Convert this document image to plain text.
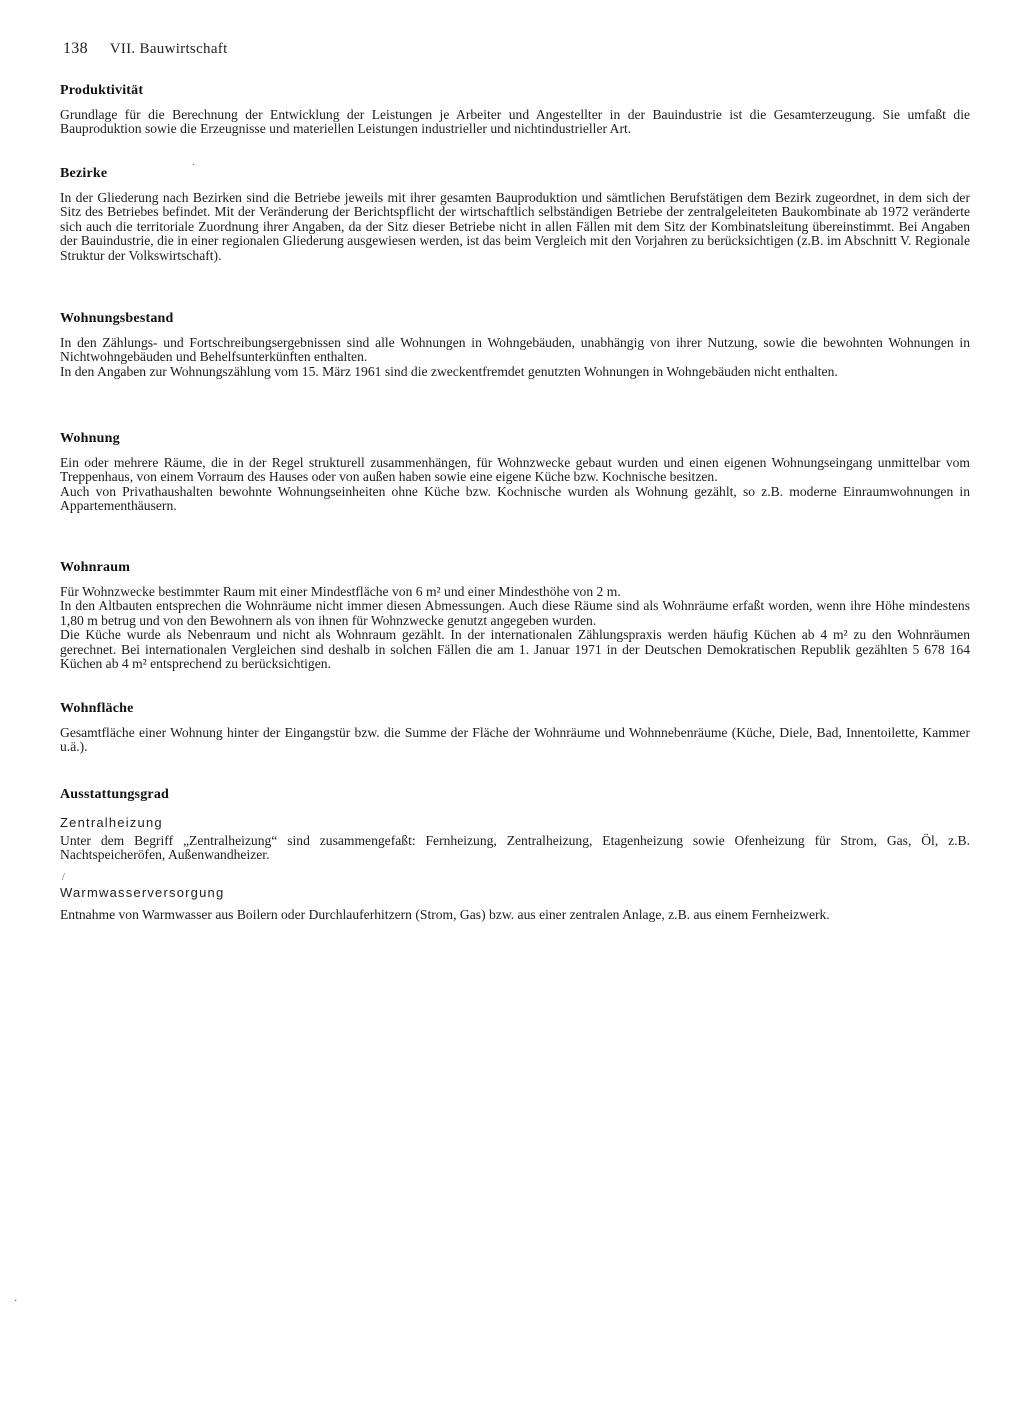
138 VII. Bauwirtschaft
Produktivität

Grundlage für die Berechnung der Entwicklung der Leistungen je Arbeiter und Angestellter in der Bauindustrie ist die Gesamterzeugung. Sie umfaßt die Bauproduktion sowie die Erzeugnisse und materiellen Leistungen industrieller und nichtindustrieller Art.

Bezirke

In der Gliederung nach Bezirken sind die Betriebe jeweils mit ihrer gesamten Bauproduktion und sämtlichen Berufstätigen dem Bezirk zugeordnet, in dem sich der Sitz des Betriebes befindet. Mit der Veränderung der Berichtspflicht der wirtschaftlich selbständigen Betriebe der zentralgeleiteten Baukombinate ab 1972 veränderte sich auch die territoriale Zuordnung ihrer Angaben, da der Sitz dieser Betriebe nicht in allen Fällen mit dem Sitz der Kombinatsleitung übereinstimmt. Bei Angaben der Bauindustrie, die in einer regionalen Gliederung ausgewiesen werden, ist das beim Vergleich mit den Vorjahren zu berücksichtigen (z.B. im Abschnitt V. Regionale Struktur der Volkswirtschaft).

Wohnungsbestand

In den Zählungs- und Fortschreibungsergebnissen sind alle Wohnungen in Wohngebäuden, unabhängig von ihrer Nutzung, sowie die bewohnten Wohnungen in Nichtwohngebäuden und Behelfsunterkünften enthalten.

In den Angaben zur Wohnungszählung vom 15. März 1961 sind die zweckentfremdet genutzten Wohnungen in Wohngebäuden nicht enthalten.

Wohnung

Ein oder mehrere Räume, die in der Regel strukturell zusammenhängen, für Wohnzwecke gebaut wurden und einen eigenen Wohnungseingang unmittelbar vom Treppenhaus, von einem Vorraum des Hauses oder von außen haben sowie eine eigene Küche bzw. Kochnische besitzen.

Auch von Privathaushalten bewohnte Wohnungseinheiten ohne Küche bzw. Kochnische wurden als Wohnung gezählt, so z.B. moderne Einraumwohnungen in Appartementhäusern.

Wohnraum

Für Wohnzwecke bestimmter Raum mit einer Mindestfläche von 6 m² und einer Mindesthöhe von 2 m.

In den Altbauten entsprechen die Wohnräume nicht immer diesen Abmessungen. Auch diese Räume sind als Wohnräume erfaßt worden, wenn ihre Höhe mindestens 1,80 m betrug und von den Bewohnern als von ihnen für Wohnzwecke genutzt angegeben wurden.

Die Küche wurde als Nebenraum und nicht als Wohnraum gezählt. In der internationalen Zählungspraxis werden häufig Küchen ab 4 m² zu den Wohnräumen gerechnet. Bei internationalen Vergleichen sind deshalb in solchen Fällen die am 1. Januar 1971 in der Deutschen Demokratischen Republik gezählten 5 678 164 Küchen ab 4 m² entsprechend zu berücksichtigen.

Wohnfläche

Gesamtfläche einer Wohnung hinter der Eingangstür bzw. die Summe der Fläche der Wohnräume und Wohnnebenräume (Küche, Diele, Bad, Innentoilette, Kammer u.ä.).

Ausstattungsgrad
Zentralheizung

Unter dem Begriff „Zentralheizung“ sind zusammengefaßt: Fernheizung, Zentralheizung, Etagenheizung sowie Ofenheizung für Strom, Gas, Öl, z.B. Nachtspeicheröfen, Außenwandheizer.

Warmwasserversorgung

Entnahme von Warmwasser aus Boilern oder Durchlauferhitzern (Strom, Gas) bzw. aus einer zentralen Anlage, z.B. aus einem Fernheizwerk.

·
/
·
